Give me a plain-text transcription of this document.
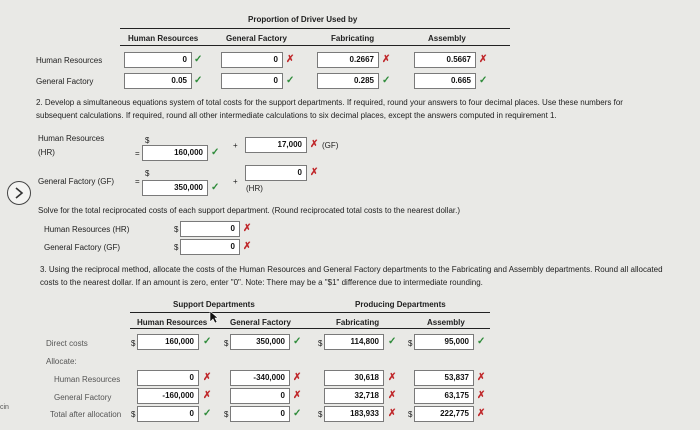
cin
Proportion of Driver Used by
Human Resources	General Factory	Fabricating	Assembly
Human Resources	0 ✓	0 ✗	0.2667 ✗	0.5667 ✗
General Factory	0.05 ✓	0 ✓	0.285 ✓	0.665 ✓
2. Develop a simultaneous equations system of total costs for the support departments. If required, round your answers to four decimal places. Use these numbers for
subsequent calculations. If required, round all other intermediate calculations to six decimal places, except the answers computed in requirement 1.
Human Resources
(HR)	=
$
160,000 ✓
+	17,000 ✗ (GF)
General Factory (GF)	=
$
350,000 ✓
+
0 ✗
(HR)
Solve for the total reciprocated costs of each support department. (Round reciprocated total costs to the nearest dollar.)
Human Resources (HR)	$	0 ✗
General Factory (GF)	$	0 ✗
3. Using the reciprocal method, allocate the costs of the Human Resources and General Factory departments to the Fabricating and Assembly departments. Round all allocated
costs to the nearest dollar. If an amount is zero, enter "0". Note: There may be a "$1" difference due to intermediate rounding.
Support Departments	Producing Departments
Human Resources	General Factory	Fabricating	Assembly
Direct costs	$	160,000 ✓ $	350,000 ✓ $	114,800 ✓ $	95,000 ✓
Allocate:
Human Resources	0 ✗	-340,000 ✗	30,618 ✗	53,837 ✗
General Factory	-160,000 ✗	0 ✗	32,718 ✗	63,175 ✗
Total after allocation $	0 ✓ $	0 ✓ $	183,933 ✗ $	222,775 ✗
